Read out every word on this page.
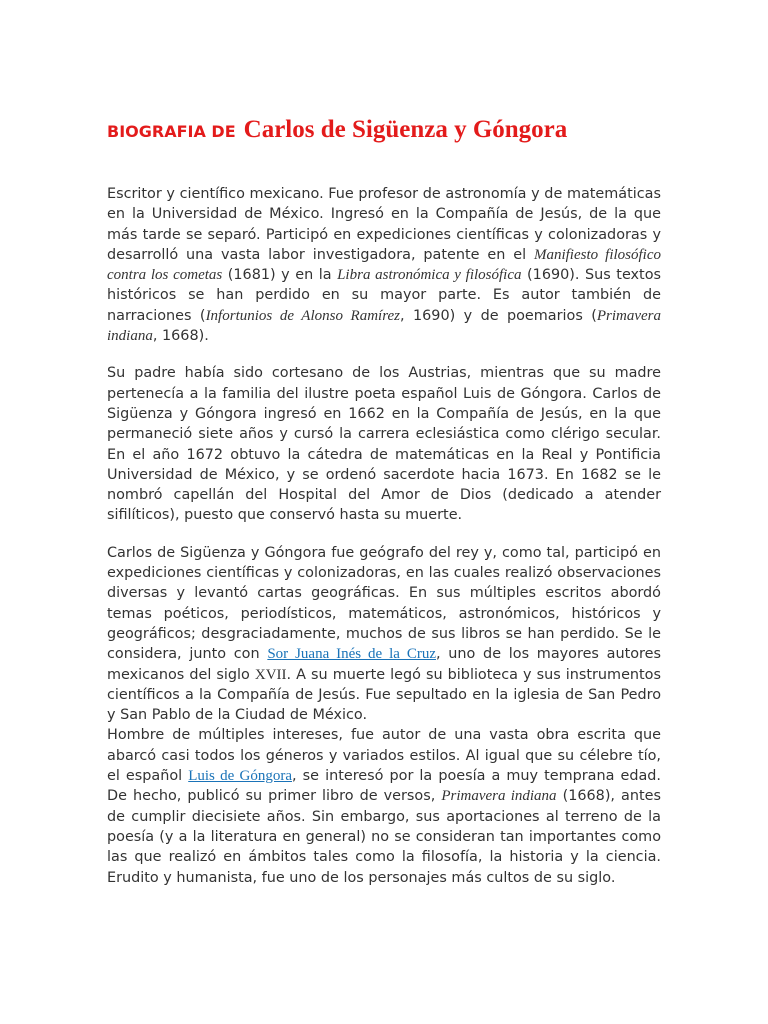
BIOGRAFIA DE Carlos de Sigüenza y Góngora

Escritor y científico mexicano. Fue profesor de astronomía y de matemáticas en la Universidad de México. Ingresó en la Compañía de Jesús, de la que más tarde se separó. Participó en expediciones científicas y colonizadoras y desarrolló una vasta labor investigadora, patente en el Manifiesto filosófico contra los cometas (1681) y en la Libra astronómica y filosófica (1690). Sus textos históricos se han perdido en su mayor parte. Es autor también de narraciones (Infortunios de Alonso Ramírez, 1690) y de poemarios (Primavera indiana, 1668).

Su padre había sido cortesano de los Austrias, mientras que su madre pertenecía a la familia del ilustre poeta español Luis de Góngora. Carlos de Sigüenza y Góngora ingresó en 1662 en la Compañía de Jesús, en la que permaneció siete años y cursó la carrera eclesiástica como clérigo secular. En el año 1672 obtuvo la cátedra de matemáticas en la Real y Pontificia Universidad de México, y se ordenó sacerdote hacia 1673. En 1682 se le nombró capellán del Hospital del Amor de Dios (dedicado a atender sifilíticos), puesto que conservó hasta su muerte.

Carlos de Sigüenza y Góngora fue geógrafo del rey y, como tal, participó en expediciones científicas y colonizadoras, en las cuales realizó observaciones diversas y levantó cartas geográficas. En sus múltiples escritos abordó temas poéticos, periodísticos, matemáticos, astronómicos, históricos y geográficos; desgraciadamente, muchos de sus libros se han perdido. Se le considera, junto con Sor Juana Inés de la Cruz, uno de los mayores autores mexicanos del siglo XVII. A su muerte legó su biblioteca y sus instrumentos científicos a la Compañía de Jesús. Fue sepultado en la iglesia de San Pedro y San Pablo de la Ciudad de México.

Hombre de múltiples intereses, fue autor de una vasta obra escrita que abarcó casi todos los géneros y variados estilos. Al igual que su célebre tío, el español Luis de Góngora, se interesó por la poesía a muy temprana edad. De hecho, publicó su primer libro de versos, Primavera indiana (1668), antes de cumplir diecisiete años. Sin embargo, sus aportaciones al terreno de la poesía (y a la literatura en general) no se consideran tan importantes como las que realizó en ámbitos tales como la filosofía, la historia y la ciencia. Erudito y humanista, fue uno de los personajes más cultos de su siglo.
